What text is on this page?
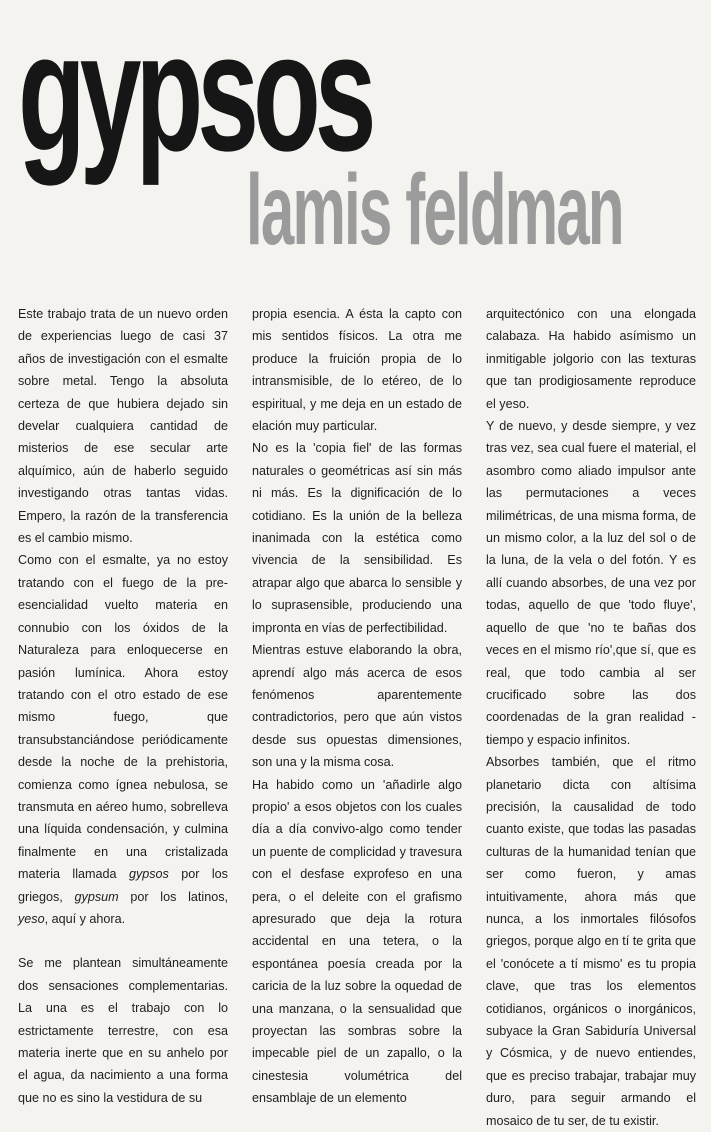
gypsos
lamis feldman

Este trabajo trata de un nuevo orden de experiencias luego de casi 37 años de investigación con el esmalte sobre metal. Tengo la absoluta certeza de que hubiera dejado sin develar cualquiera cantidad de misterios de ese secular arte alquímico, aún de haberlo seguido investigando otras tantas vidas. Empero, la razón de la transferencia es el cambio mismo.

Como con el esmalte, ya no estoy tratando con el fuego de la pre-esencialidad vuelto materia en connubio con los óxidos de la Naturaleza para enloquecerse en pasión lumínica. Ahora estoy tratando con el otro estado de ese mismo fuego, que transubstanciándose periódicamente desde la noche de la prehistoria, comienza como ígnea nebulosa, se transmuta en aéreo humo, sobrelleva una líquida condensación, y culmina finalmente en una cristalizada materia llamada gypsos por los griegos, gypsum por los latinos, yeso, aquí y ahora.

Se me plantean simultáneamente dos sensaciones complementarias. La una es el trabajo con lo estrictamente terrestre, con esa materia inerte que en su anhelo por el agua, da nacimiento a una forma que no es sino la vestidura de su

propia esencia. A ésta la capto con mis sentidos físicos. La otra me produce la fruición propia de lo intransmisible, de lo etéreo, de lo espiritual, y me deja en un estado de elación muy particular.

No es la 'copia fiel' de las formas naturales o geométricas así sin más ni más. Es la dignificación de lo cotidiano. Es la unión de la belleza inanimada con la estética como vivencia de la sensibilidad. Es atrapar algo que abarca lo sensible y lo suprasensible, produciendo una impronta en vías de perfectibilidad.

Mientras estuve elaborando la obra, aprendí algo más acerca de esos fenómenos aparentemente contradictorios, pero que aún vistos desde sus opuestas dimensiones, son una y la misma cosa.

Ha habido como un 'añadirle algo propio' a esos objetos con los cuales día a día convivo-algo como tender un puente de complicidad y travesura con el desfase exprofeso en una pera, o el deleite con el grafismo apresurado que deja la rotura accidental en una tetera, o la espontánea poesía creada por la caricia de la luz sobre la oquedad de una manzana, o la sensualidad que proyectan las sombras sobre la impecable piel de un zapallo, o la cinestesia volumétrica del ensamblaje de un elemento

arquitectónico con una elongada calabaza. Ha habido asímismo un inmitigable jolgorio con las texturas que tan prodigiosamente reproduce el yeso.

Y de nuevo, y desde siempre, y vez tras vez, sea cual fuere el material, el asombro como aliado impulsor ante las permutaciones a veces milimétricas, de una misma forma, de un mismo color, a la luz del sol o de la luna, de la vela o del fotón. Y es allí cuando absorbes, de una vez por todas, aquello de que 'todo fluye', aquello de que 'no te bañas dos veces en el mismo río',que sí, que es real, que todo cambia al ser crucificado sobre las dos coordenadas de la gran realidad - tiempo y espacio infinitos.

Absorbes también, que el ritmo planetario dicta con altísima precisión, la causalidad de todo cuanto existe, que todas las pasadas culturas de la humanidad tenían que ser como fueron, y amas intuitivamente, ahora más que nunca, a los inmortales filósofos griegos, porque algo en tí te grita que el 'conócete a tí mismo' es tu propia clave, que tras los elementos cotidianos, orgánicos o inorgánicos, subyace la Gran Sabiduría Universal y Cósmica, y de nuevo entiendes, que es preciso trabajar, trabajar muy duro, para seguir armando el mosaico de tu ser, de tu existir.
